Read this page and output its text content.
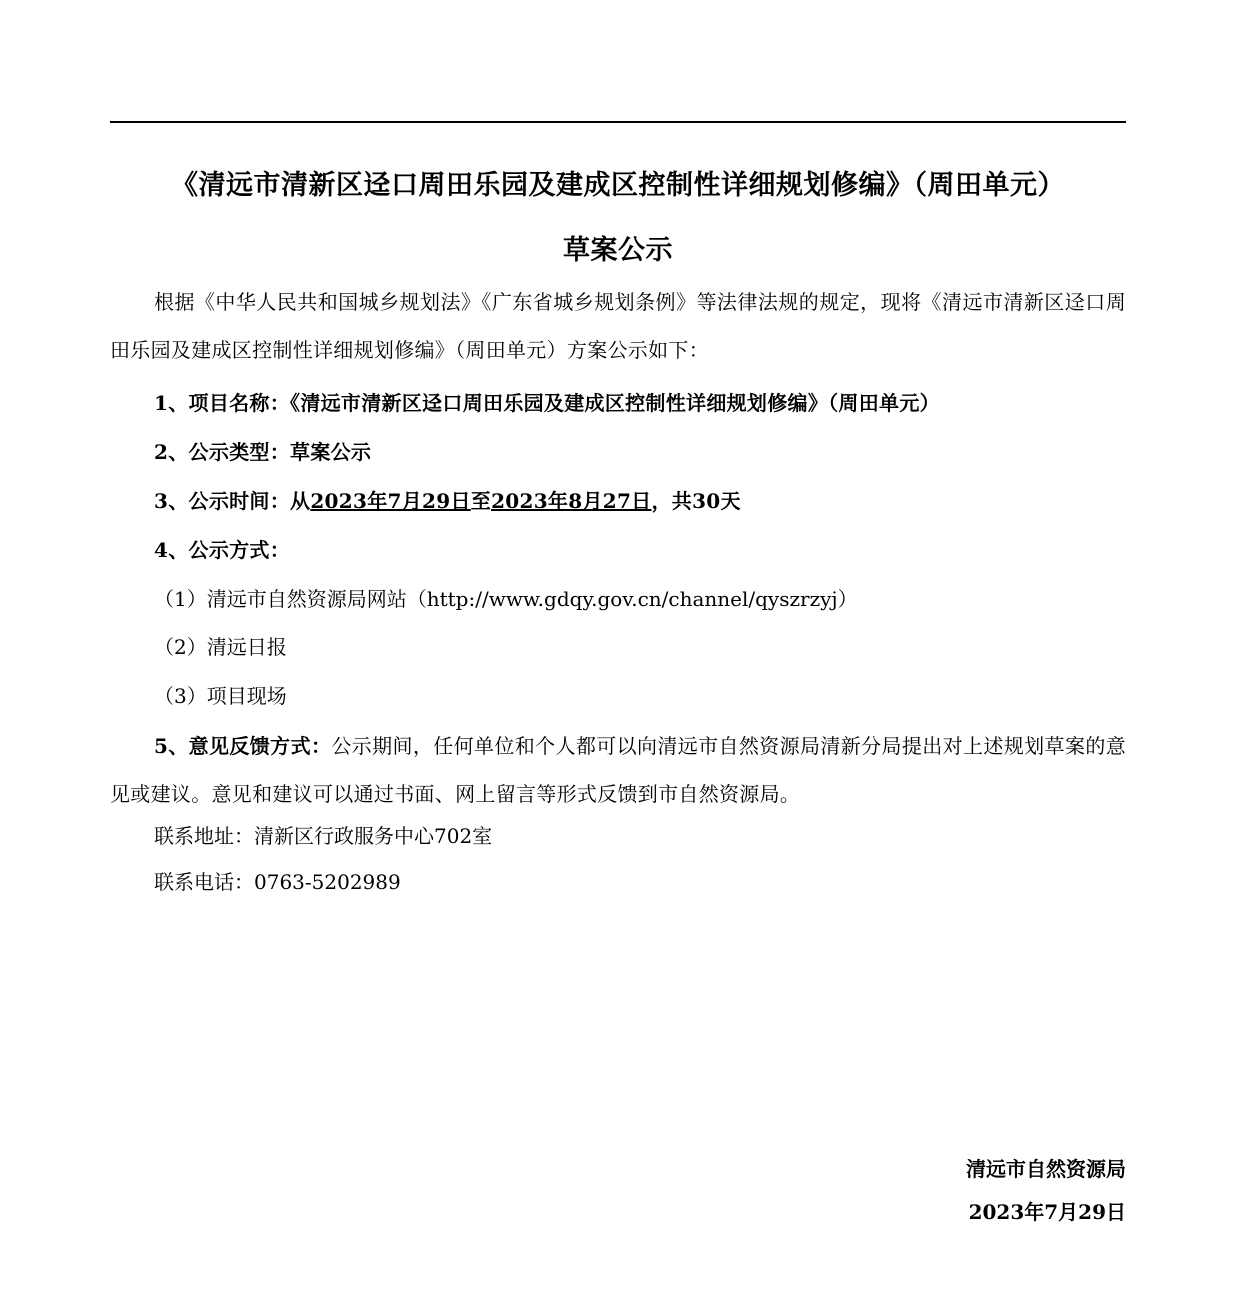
《清远市清新区迳口周田乐园及建成区控制性详细规划修编》（周田单元）
草案公示
根据《中华人民共和国城乡规划法》《广东省城乡规划条例》等法律法规的规定，现将《清远市清新区迳口周田乐园及建成区控制性详细规划修编》（周田单元）方案公示如下：
1、项目名称：《清远市清新区迳口周田乐园及建成区控制性详细规划修编》（周田单元）
2、公示类型：草案公示
3、公示时间：从2023年7月29日至2023年8月27日，共30天
4、公示方式：
（1）清远市自然资源局网站（http://www.gdqy.gov.cn/channel/qyszrzyj）
（2）清远日报
（3）项目现场
5、意见反馈方式：公示期间，任何单位和个人都可以向清远市自然资源局清新分局提出对上述规划草案的意见或建议。意见和建议可以通过书面、网上留言等形式反馈到市自然资源局。
联系地址：清新区行政服务中心702室
联系电话：0763-5202989
清远市自然资源局
2023年7月29日
